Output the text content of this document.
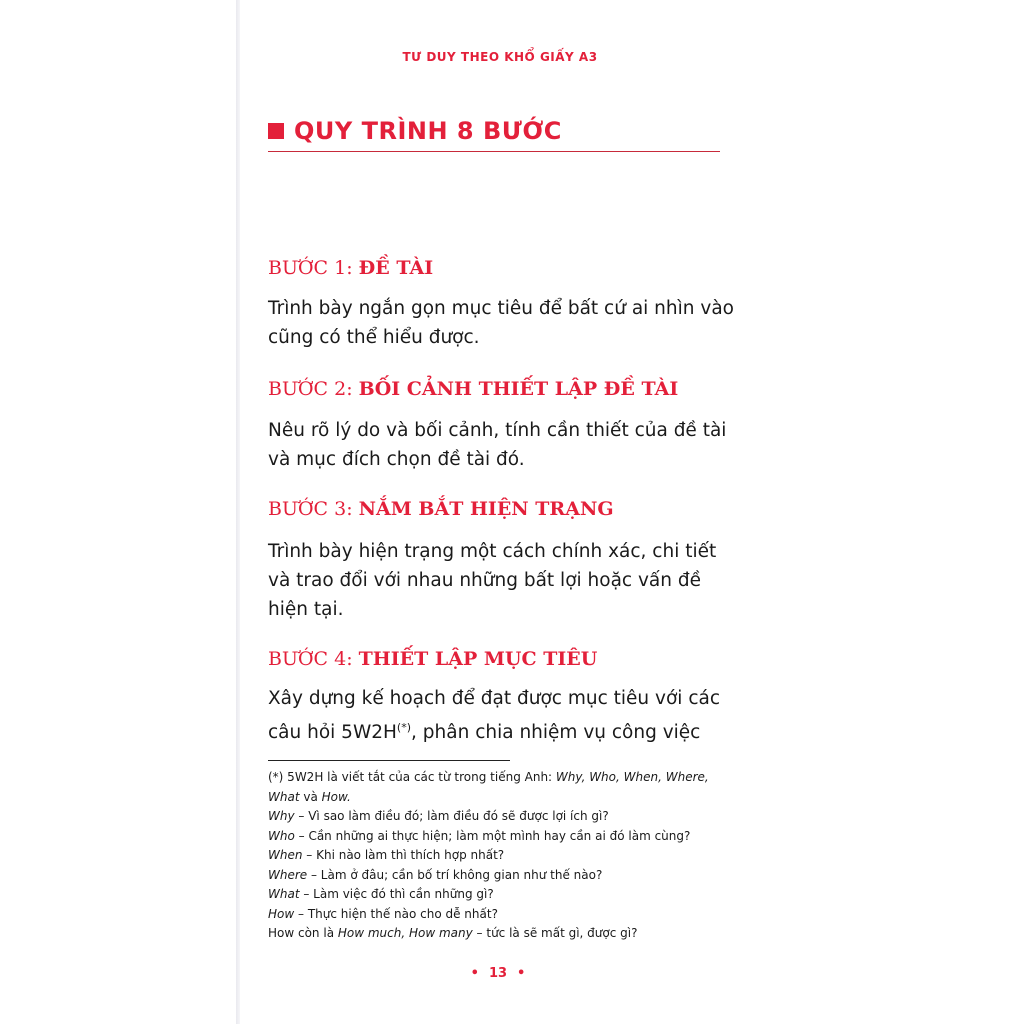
TƯ DUY THEO KHỔ GIẤY A3
QUY TRÌNH 8 BƯỚC
BƯỚC 1: ĐỀ TÀI
Trình bày ngắn gọn mục tiêu để bất cứ ai nhìn vào
cũng có thể hiểu được.
BƯỚC 2: BỐI CẢNH THIẾT LẬP ĐỀ TÀI
Nêu rõ lý do và bối cảnh, tính cần thiết của đề tài
và mục đích chọn đề tài đó.
BƯỚC 3: NẮM BẮT HIỆN TRẠNG
Trình bày hiện trạng một cách chính xác, chi tiết
và trao đổi với nhau những bất lợi hoặc vấn đề
hiện tại.
BƯỚC 4: THIẾT LẬP MỤC TIÊU
Xây dựng kế hoạch để đạt được mục tiêu với các
câu hỏi 5W2H(*), phân chia nhiệm vụ công việc
(*) 5W2H là viết tắt của các từ trong tiếng Anh: Why, Who, When, Where,
What và How.
Why – Vì sao làm điều đó; làm điều đó sẽ được lợi ích gì?
Who – Cần những ai thực hiện; làm một mình hay cần ai đó làm cùng?
When – Khi nào làm thì thích hợp nhất?
Where – Làm ở đâu; cần bố trí không gian như thế nào?
What – Làm việc đó thì cần những gì?
How – Thực hiện thế nào cho dễ nhất?
How còn là How much, How many – tức là sẽ mất gì, được gì?
• 13 •
